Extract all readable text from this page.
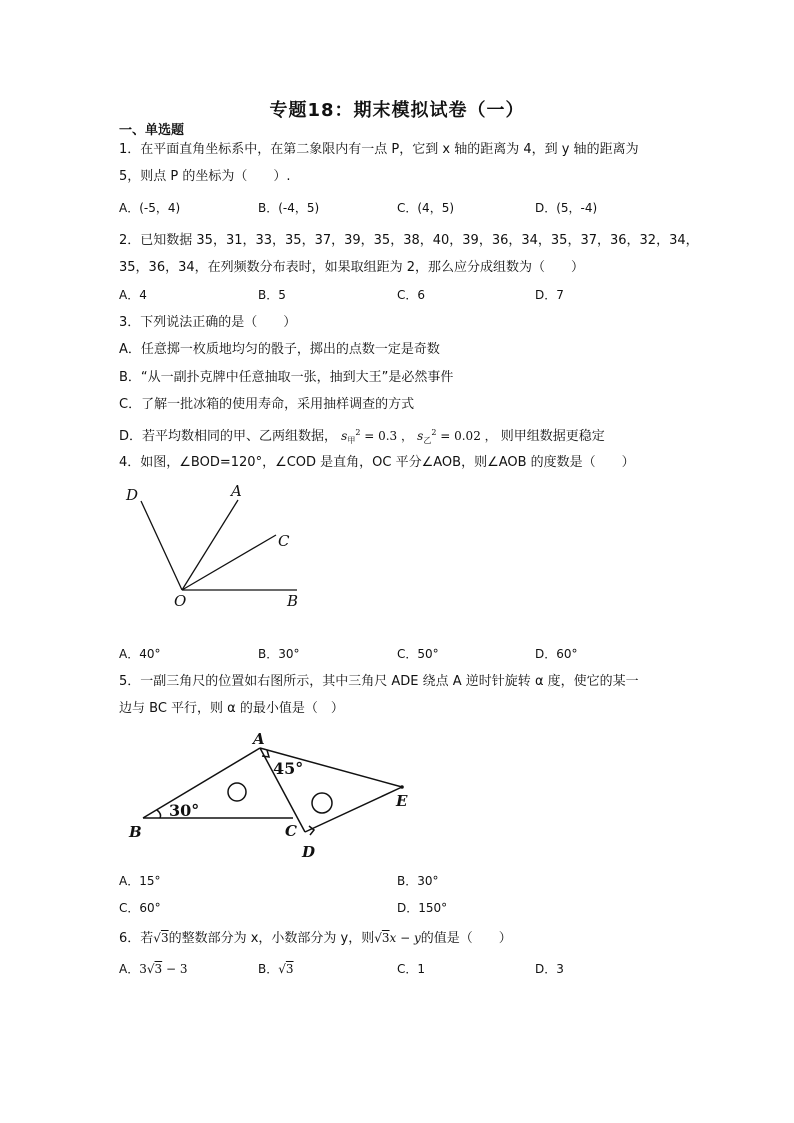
专题18：期末模拟试卷（一）
一、单选题
1．在平面直角坐标系中，在第二象限内有一点 P，它到 x 轴的距离为 4，到 y 轴的距离为
5，则点 P 的坐标为（　　）.
A．(-5，4)	B．(-4，5)	C．(4，5)	D．(5，-4)
2．已知数据 35，31，33，35，37，39，35，38，40，39，36，34，35，37，36，32，34，
35，36，34，在列频数分布表时，如果取组距为 2，那么应分成组数为（　　）
A．4	B．5	C．6	D．7
3．下列说法正确的是（　　）
A．任意掷一枚质地均匀的骰子，掷出的点数一定是奇数
B．“从一副扑克牌中任意抽取一张，抽到大王”是必然事件
C．了解一批冰箱的使用寿命，采用抽样调查的方式
D．若平均数相同的甲、乙两组数据， $s_甲^2 = 0.3$ ， $s_乙^2 = 0.02$ ， 则甲组数据更稳定
4．如图，∠BOD=120°，∠COD 是直角，OC 平分∠AOB，则∠AOB 的度数是（　　）
D	A
C
O	B
A．40°	B．30°	C．50°	D．60°
5．一副三角尺的位置如右图所示，其中三角尺 ADE 绕点 A 逆时针旋转 α 度，使它的某一
边与 BC 平行，则 α 的最小值是（　）
A
B	C
D
E
45°
30°
A．15°	B．30°
C．60°	D．150°
6．若√3的整数部分为 x，小数部分为 y，则√3x − y的值是（　　）
A．3√3 − 3	B．√3	C．1	D．3
